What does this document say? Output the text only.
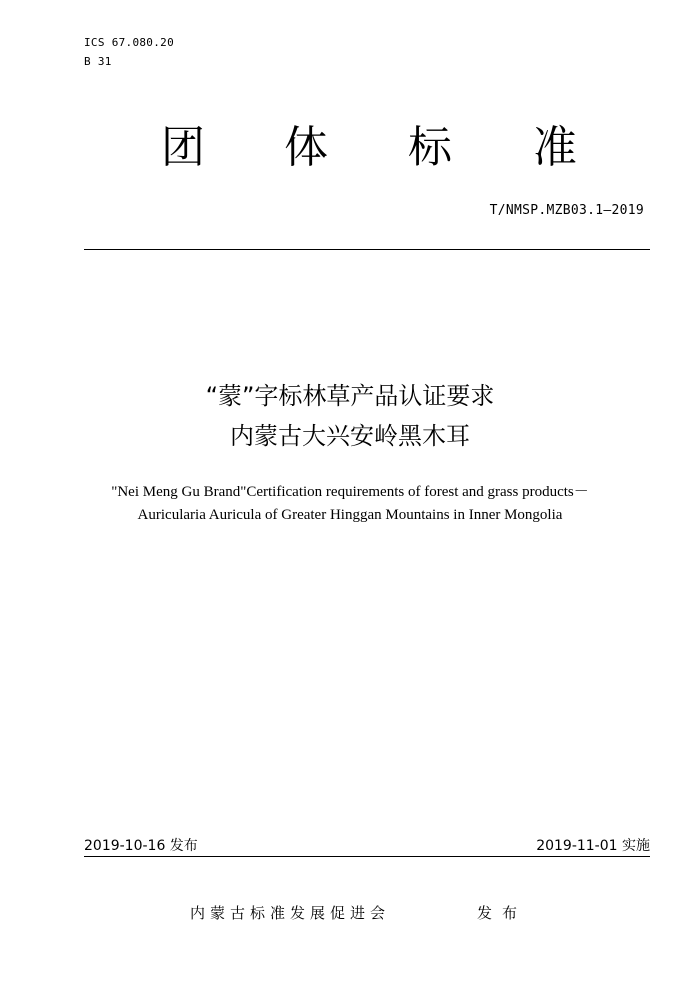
ICS 67.080.20
B 31
团 体 标 准
T/NMSP.MZB03.1—2019
“蒙”字标林草产品认证要求
内蒙古大兴安岭黑木耳
"Nei Meng Gu Brand"Certification requirements of forest and grass products－
Auricularia Auricula of Greater Hinggan Mountains in Inner Mongolia
2019-10-16 发布	2019-11-01 实施
内蒙古标准发展促进会	发布
